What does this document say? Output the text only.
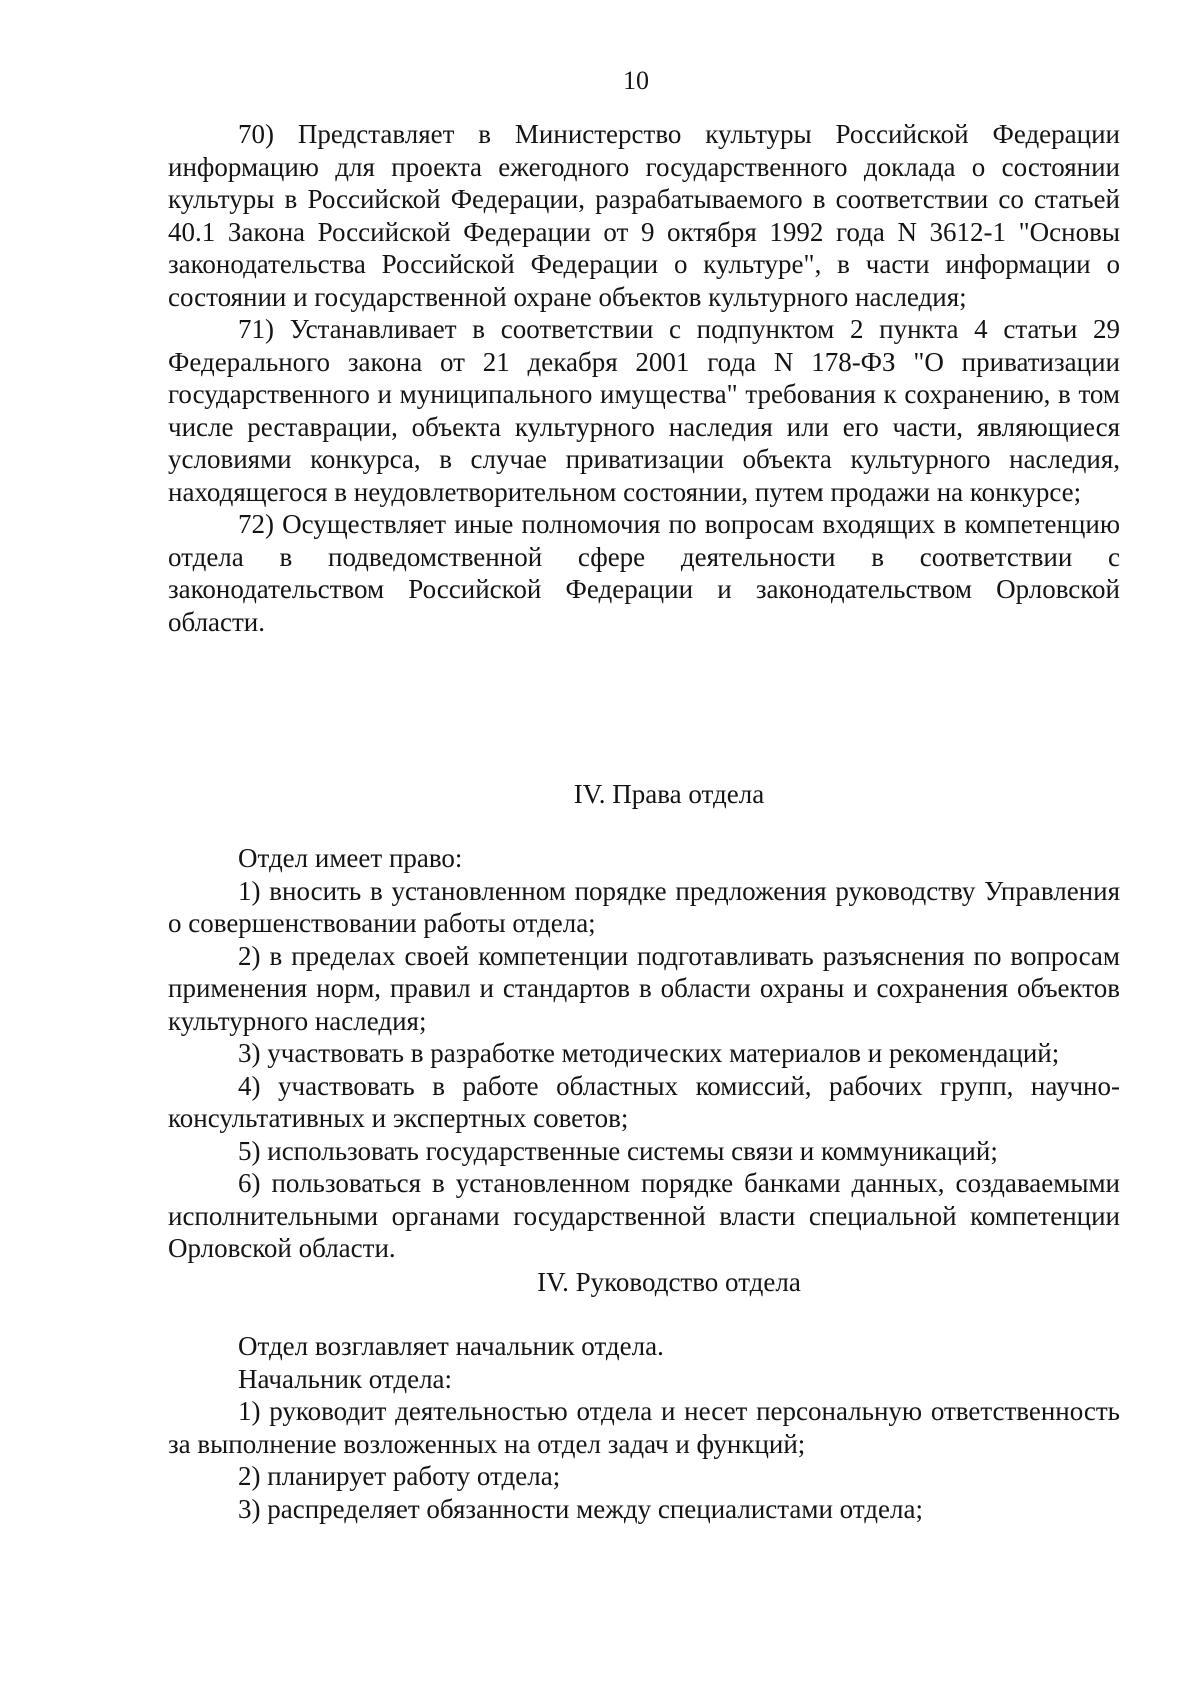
10

70) Представляет в Министерство культуры Российской Федерации информацию для проекта ежегодного государственного доклада о состоянии культуры в Российской Федерации, разрабатываемого в соответствии со статьей 40.1 Закона Российской Федерации от 9 октября 1992 года N 3612-1 "Основы законодательства Российской Федерации о культуре", в части информации о состоянии и государственной охране объектов культурного наследия;

71) Устанавливает в соответствии с подпунктом 2 пункта 4 статьи 29 Федерального закона от 21 декабря 2001 года N 178-ФЗ "О приватизации государственного и муниципального имущества" требования к сохранению, в том числе реставрации, объекта культурного наследия или его части, являющиеся условиями конкурса, в случае приватизации объекта культурного наследия, находящегося в неудовлетворительном состоянии, путем продажи на конкурсе;

72) Осуществляет иные полномочия по вопросам входящих в компетенцию отдела в подведомственной сфере деятельности в соответствии с законодательством Российской Федерации и законодательством Орловской области.

IV. Права отдела

Отдел имеет право:

1) вносить в установленном порядке предложения руководству Управления о совершенствовании работы отдела;

2) в пределах своей компетенции подготавливать разъяснения по вопросам применения норм, правил и стандартов в области охраны и сохранения объектов культурного наследия;

3) участвовать в разработке методических материалов и рекомендаций;

4) участвовать в работе областных комиссий, рабочих групп, научно-консультативных и экспертных советов;

5) использовать государственные системы связи и коммуникаций;

6) пользоваться в установленном порядке банками данных, создаваемыми исполнительными органами государственной власти специальной компетенции Орловской области.

IV. Руководство отдела

Отдел возглавляет начальник отдела.

Начальник отдела:

1) руководит деятельностью отдела и несет персональную ответственность за выполнение возложенных на отдел задач и функций;

2) планирует работу отдела;

3) распределяет обязанности между специалистами отдела;
